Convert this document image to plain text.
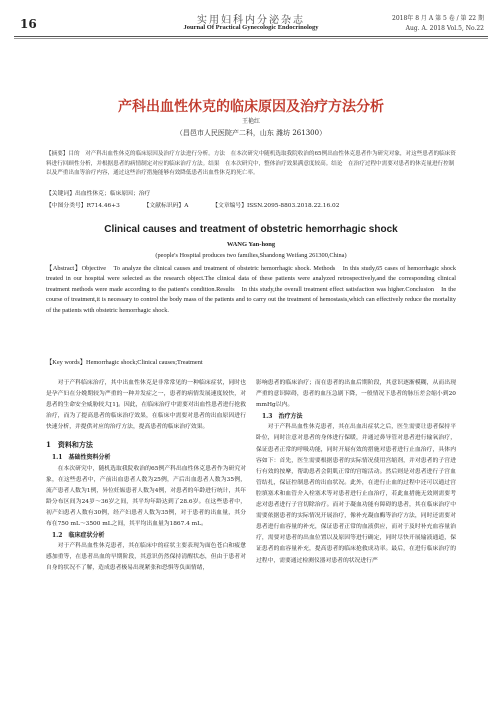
16	实用妇科内分泌杂志
Journal Of Practical Gynecologic Endocrinology
2018年 8 月 A 第 5 卷 / 第 22 期
Aug. A. 2018 Vol.5, No.22
产科出血性休克的临床原因及治疗方法分析
王艳红
（昌邑市人民医院产二科，山东 潍坊 261300）
【摘要】目的　对产科出血性休克的临床原因及治疗方法进行分析。方法　在本次研究中随机选取我院收治的65例出血性休克患者作为研究对象，对这些患者的临床资料进行回顾性分析，并根据患者的病情制定对应的临床治疗方法。结果　在本次研究中，整体治疗效果满意度较高。结论　在治疗过程中需要对患者的休克量进行控制以及严重出血等治疗内容，通过这些治疗措施能够有效降低患者出血性休克的死亡率。
【关键词】出血性休克；临床原因；治疗
【中图分类号】R714.46+3	【文献标识码】A	【文章编号】ISSN.2095-8803.2018.22.16.02
Clinical causes and treatment of obstetric hemorrhagic shock
WANG Yan-hong
(people's Hospital produces two families,Shandong Weifang 261300,China)
【Abstract】Objective　To analyze the clinical causes and treatment of obstetric hemorrhagic shock. Methods　In this study,65 cases of hemorrhagic shock treated in our hospital were selected as the research object.The clinical data of these patients were analyzed retrospectively,and the corresponding clinical treatment methods were made according to the patient's condition.Results　In this study,the overall treatment effect satisfaction was higher.Conclusion　In the course of treatment,it is necessary to control the body mass of the patients and to carry out the treatment of hemostasis,which can effectively reduce the mortality of the patients with obstetric hemorrhagic shock.
【Key words】Hemorrhagic shock;Clinical causes;Treatment

对于产科临床治疗，其中出血性休克是非常常见的一种临床症状，同时也是孕产妇在分娩期较为严重的一种并发症之一，患者的病情发展速度较快，对患者的生命安全威胁较大[1]。因此，在临床治疗中需要对出血性患者进行抢救治疗，而为了提高患者的临床治疗效果，在临床中需要对患者的出血原因进行快速分析，并提供对应的治疗方法，提高患者的临床治疗效果。

1　资料和方法
1.1　基础性资料分析

在本次研究中，随机选取我院收治的65例产科出血性休克患者作为研究对象，在这些患者中，产前出血患者人数为25例，产后出血患者人数为35例，流产患者人数为1例，异位妊娠患者人数为4例，对患者的年龄进行统计，其年龄分布区间为24岁～36岁之间，其平均年龄达到了28.6岁。在这些患者中，初产妇患者人数有30例，经产妇患者人数为35例，对于患者的出血量，其分布在750 mL～3500 mL之间，其平均出血量为1867.4 mL。

1.2　临床症状分析

对于产科出血性休克患者，其在临床中的症状主要表现为面色苍白和疲惫感加重等，在患者出血的早期阶段，其意识仍然保持清醒状态，但由于患者对自身的状况不了解，造成患者极易出现紧张和恐惧等负面情绪，

影响患者的临床治疗；而在患者的出血后期阶段，其意识逐渐模糊，从而出现严重的意识障碍，患者的血压急剧下降，一般情况下患者的脉压差会缩小到20 mmHg以内。

1.3　治疗方法

对于产科出血性休克患者，其在出血出症状之后，医生需要让患者保持平卧位，同时注意对患者的身体进行保暖，并通过鼻导管对患者进行输氧治疗，保证患者正常的呼吸功能，同时开展有效的措施对患者进行止血治疗，具体内容如下：首先，医生需要根据患者的实际情况使用宫缩剂，并对患者的子宫进行有效的按摩，帮助患者会阴肌正常的宫缩活动。然后则是对患者进行子宫血管结扎，保证控制患者的出血状况。此外，在进行止血的过程中还可以通过宫腔填塞术和血管介入栓塞术等对患者进行止血治疗，若此血措施无效则需要考虑对患者进行子宫切除治疗。而对于凝血功能有障碍的患者，其在临床治疗中需要依据患者的实际情况开展治疗，像补充凝血酶等治疗方法，同时还需要对患者进行血容量的补充，保证患者正常的血液供应，而对于及时补充血容量治疗，需要对患者的出血位置以及原因等进行确定，同时尽快开展输液通道，保证患者的血容量补充，提高患者的临床抢救成功率。最后，在进行临床治疗的过程中，需要通过检测仪器对患者的状况进行严
